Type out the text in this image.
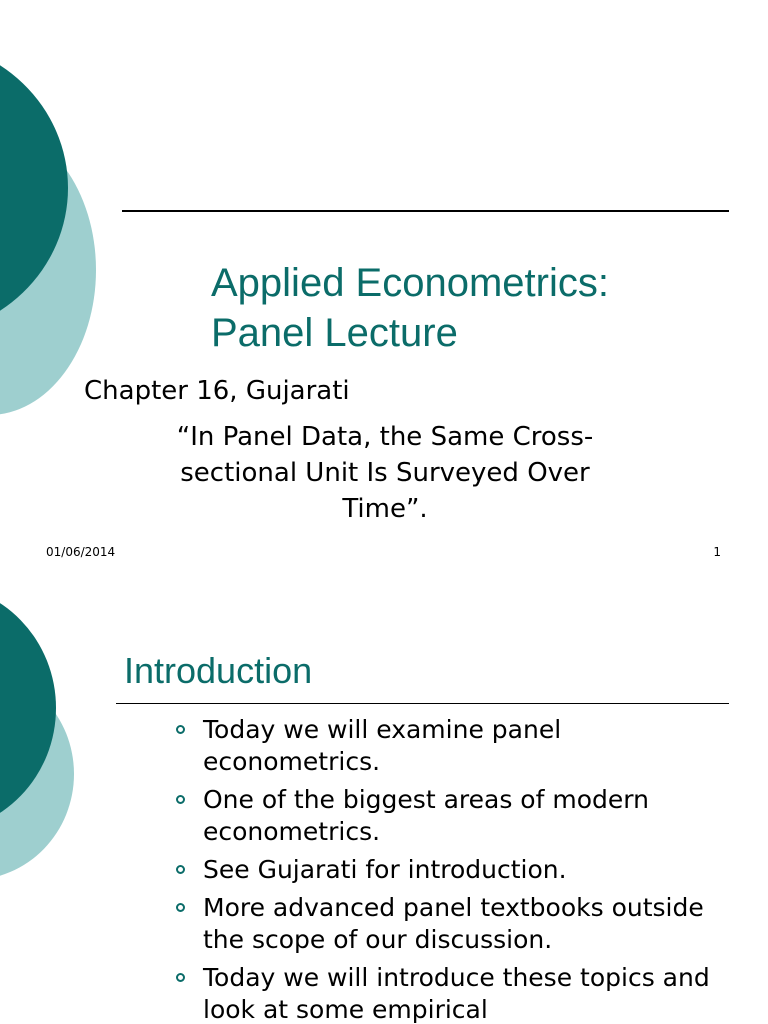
Applied Econometrics:
Panel Lecture
Chapter 16, Gujarati
“In Panel Data, the Same Cross-
sectional Unit Is Surveyed Over
Time”.
01/06/2014	1
Introduction
Today we will examine panel econometrics.
One of the biggest areas of modern econometrics.
See Gujarati for introduction.
More advanced panel textbooks outside the scope of our discussion.
Today we will introduce these topics and look at some empirical
